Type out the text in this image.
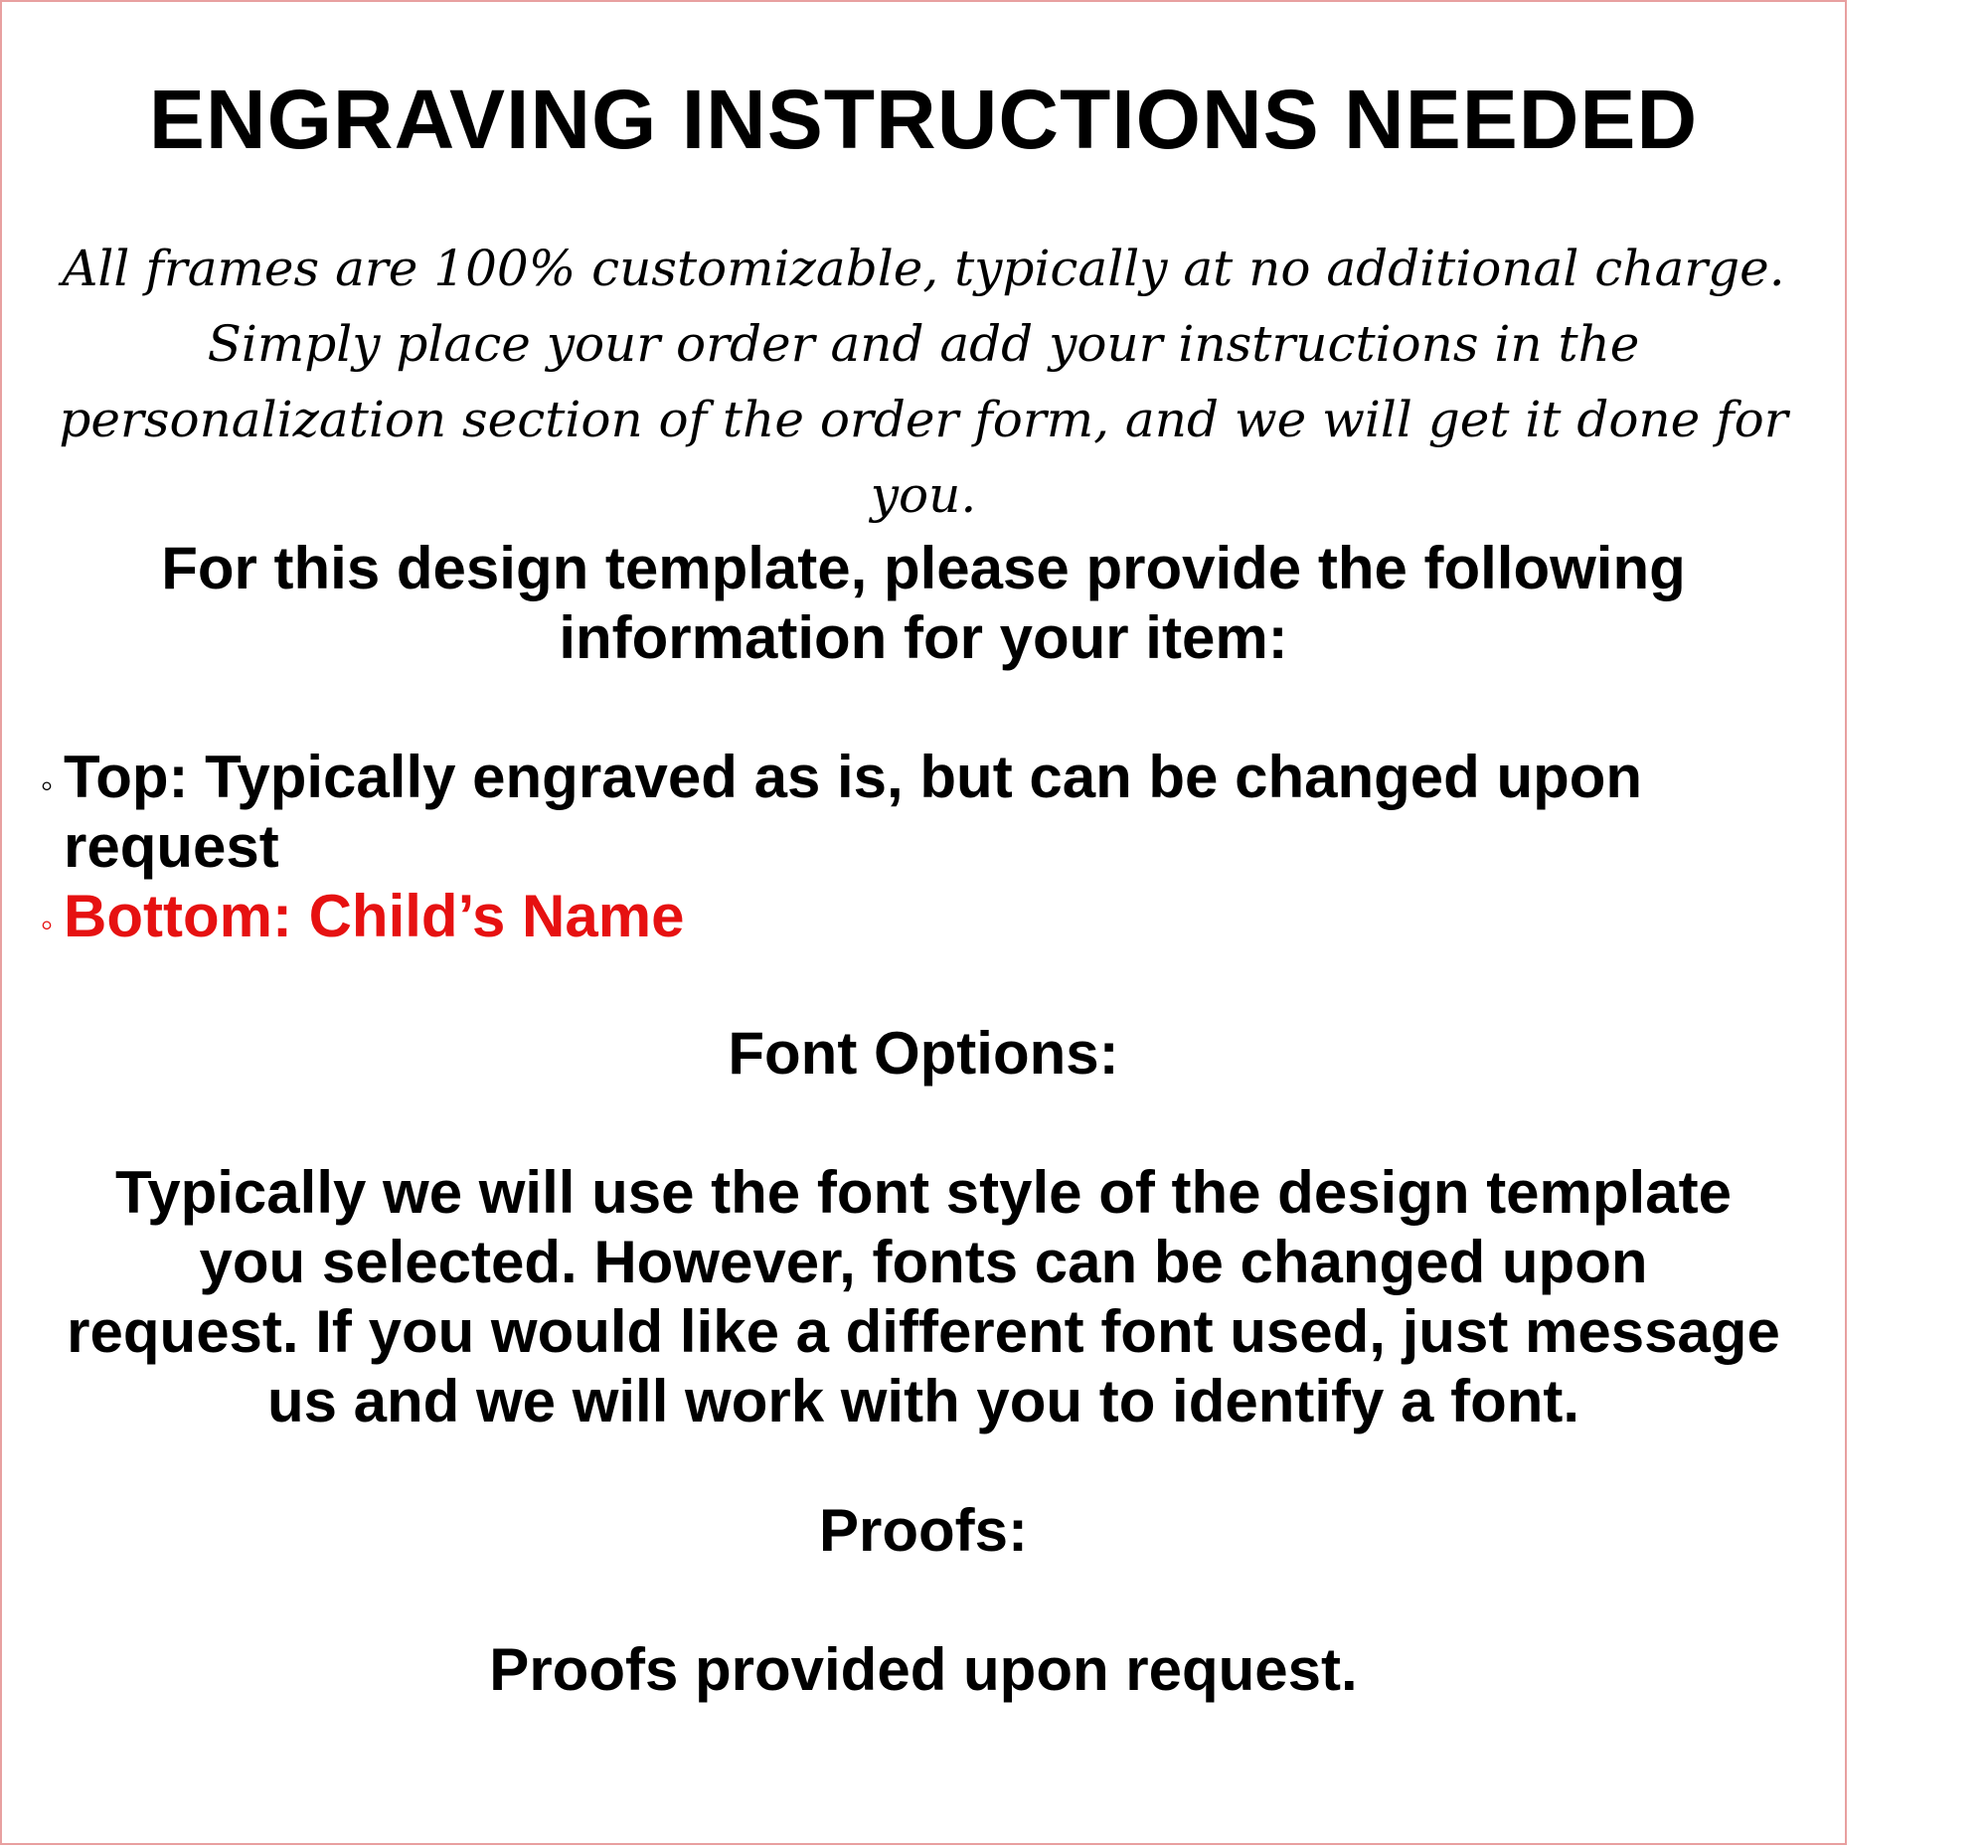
ENGRAVING INSTRUCTIONS NEEDED
All frames are 100% customizable, typically at no additional charge.
Simply place your order and add your instructions in the
personalization section of the order form, and we will get it done for you.
For this design template, please provide the following
information for your item:
◦ Top: Typically engraved as is, but can be changed upon
request
◦ Bottom: Child’s Name
Font Options:
Typically we will use the font style of the design template
you selected. However, fonts can be changed upon
request. If you would like a different font used, just message
us and we will work with you to identify a font.
Proofs:
Proofs provided upon request.
